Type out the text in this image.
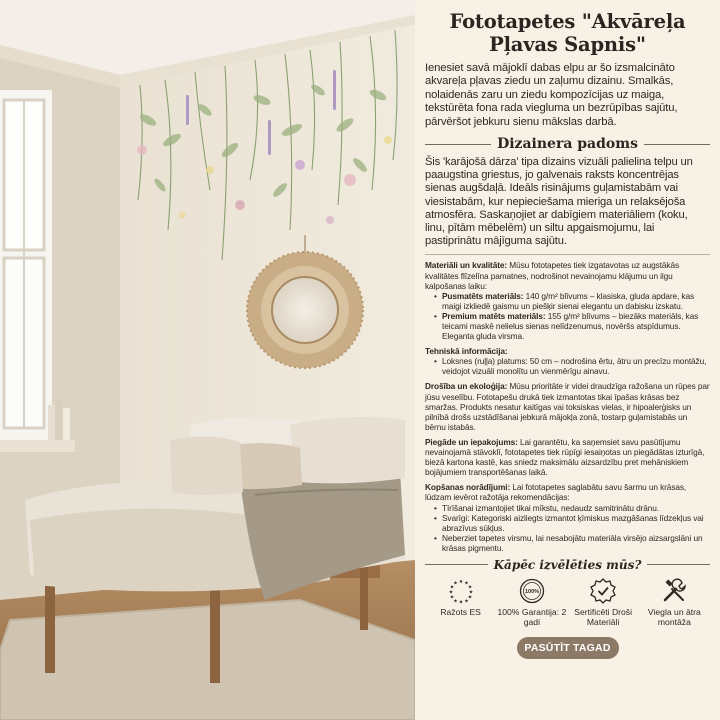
Fototapetes "Akvāreļa Pļavas Sapnis"

Ienesiet savā mājoklī dabas elpu ar šo izsmalcināto akvareļa pļavas ziedu un zaļumu dizainu. Smalkās, nolaidenās zaru un ziedu kompozīcijas uz maiga, tekstūrēta fona rada viegluma un bezrūpības sajūtu, pārvēršot jebkuru sienu mākslas darbā.

Dizainera padoms

Šis 'karājošā dārza' tipa dizains vizuāli palielina telpu un paaugstina griestus, jo galvenais raksts koncentrējas sienas augšdaļā. Ideāls risinājums guļamistabām vai viesistabām, kur nepieciešama mieriga un relaksējoša atmosfēra. Saskaņojiet ar dabīgiem materiāliem (koku, linu, pītām mēbelēm) un siltu apgaismojumu, lai pastiprinātu mājīguma sajūtu.

Materiāli un kvalitāte: Mūsu fototapetes tiek izgatavotas uz augstākās kvalitātes flīzelīna pamatnes, nodrošinot nevainojamu klājumu un ilgu kalpošanas laiku:
• Pusmatēts materiāls: 140 g/m² blīvums – klasiska, gluda apdare, kas maigi izkliedē gaismu un piešķir sienai elegantu un dabisku izskatu.
• Premium matēts materiāls: 155 g/m² blīvums – biezāks materiāls, kas teicami maskē nelielus sienas nelīdzenumus, novēršs atspīdumus. Eleganta gluda virsma.
Tehniskā informācija:
• Loksnes (ruļļa) platums: 50 cm – nodrošina ērtu, ātru un precīzu montāžu, veidojot vizuāli monolītu un vienmērīgu ainavu.
Drošība un ekoloģija: Mūsu prioritāte ir videi draudzīga ražošana un rūpes par jūsu veselību. Fototapešu drukā tiek izmantotas tikai īpašas krāsas bez smaržas. Produkts nesatur kaitīgas vai toksiskas vielas, ir hipoalerģisks un pilnībā drošs uzstādīšanai jebkurā mājokļa zonā, tostarp guļamistabās un bērnu istabās.
Piegāde un iepakojums: Lai garantētu, ka saņemsiet savu pasūtījumu nevainojamā stāvoklī, fototapetes tiek rūpīgi iesaiņotas un piegādātas izturīgā, biezā kartona kastē, kas sniedz maksimālu aizsardzību pret mehāniskiem bojājumiem transportēšanas laikā.
Kopšanas norādījumi: Lai fototapetes saglabātu savu šarmu un krāsas, lūdzam ievērot ražotāja rekomendācijas:
• Tīrīšanai izmantojiet tikai mīkstu, nedaudz samitrinātu drānu.
• Svarīgi: Kategoriski aizliegts izmantot ķīmiskus mazgāšanas līdzekļus vai abrazīvus sūkļus.
• Neberziet tapetes virsmu, lai nesabojātu materiāla virsējo aizsargslāni un krāsas pigmentu.
Kāpēc izvēlēties mūs?
★ ★
★
★
★
★
★
★
★
★
★
★
Ražots ES
100%
100% Garantija: 2 gadi
Sertificēti Droši Materiāli
Viegla un ātra montāža
PASŪTĪT TAGAD
